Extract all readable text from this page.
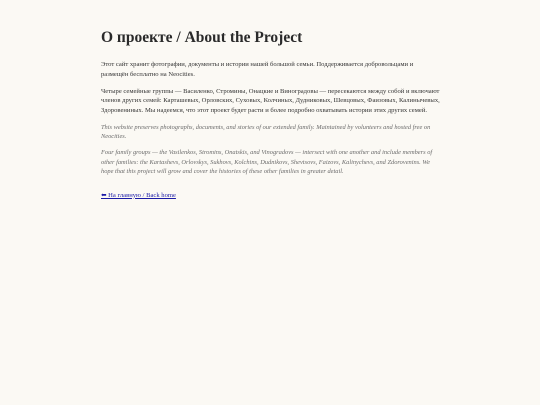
О проекте / About the Project

Этот сайт хранит фотографии, документы и истории нашей большой семьи. Поддерживается добровольцами и размещён бесплатно на Neocities.

Четыре семейные группы — Василенко, Стромины, Онацкие и Виноградовы — пересекаются между собой и включают членов других семей: Карташевых, Орловских, Суховых, Колчиных, Дудниковых, Шевцовых, Фаизовых, Калинычевых, Здоровениных. Мы надеемся, что этот проект будет расти и более подробно охватывать истории этих других семей.

This website preserves photographs, documents, and stories of our extended family. Maintained by volunteers and hosted free on Neocities.

Four family groups — the Vasilenkos, Stromins, Onatskis, and Vinogradovs — intersect with one another and include members of other families: the Kartashevs, Orlovskys, Sukhovs, Kolchins, Dudnikovs, Shevtsovs, Faizovs, Kalinychevs, and Zdorovenins. We hope that this project will grow and cover the histories of these other families in greater detail.

⬅ На главную / Back home
